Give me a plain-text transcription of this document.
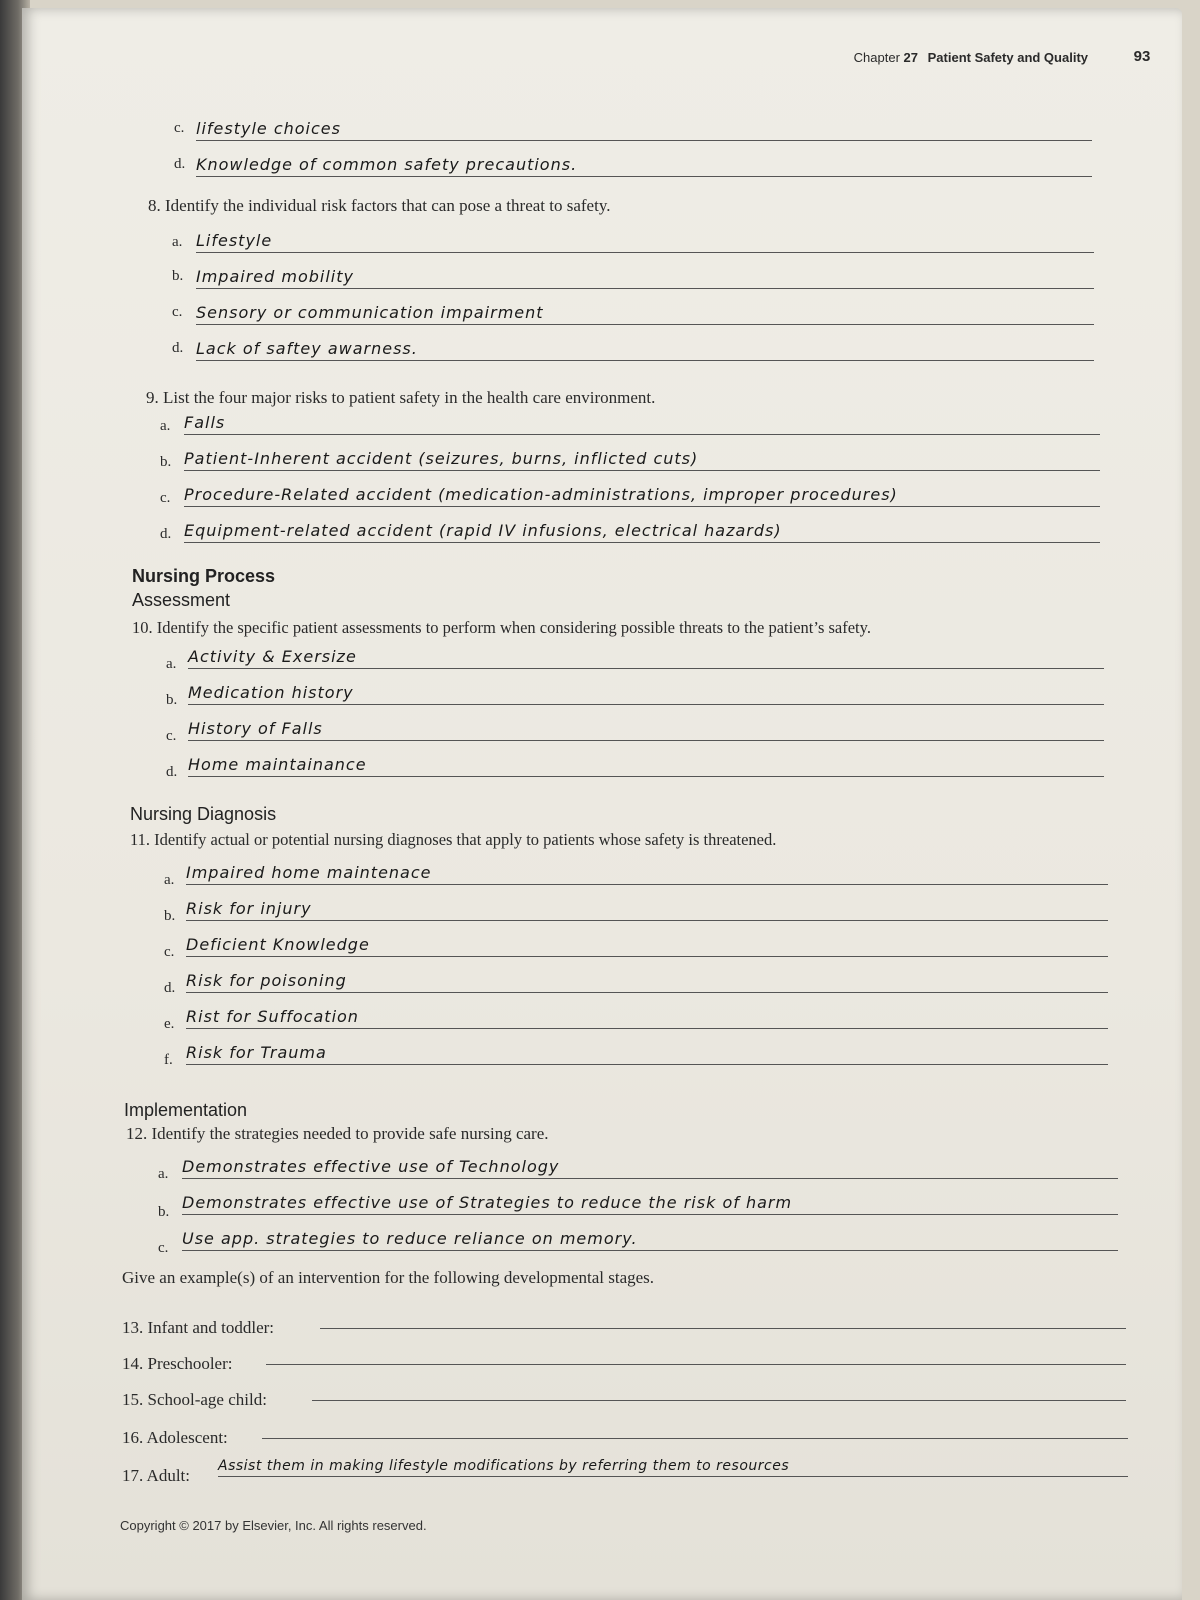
Chapter 27 Patient Safety and Quality	93
c. lifestyle choices
d. Knowledge of common safety precautions.
8. Identify the individual risk factors that can pose a threat to safety.
a. Lifestyle
b. Impaired mobility
c. Sensory or communication impairment
d. Lack of saftey awarness.
9. List the four major risks to patient safety in the health care environment.
a. Falls
b. Patient-Inherent accident (seizures, burns, inflicted cuts)
c. Procedure-Related accident (medication-administrations, improper procedures)
d. Equipment-related accident (rapid IV infusions, electrical hazards)
Nursing Process
Assessment
10. Identify the specific patient assessments to perform when considering possible threats to the patient’s safety.
a. Activity & Exersize
b. Medication history
c. History of Falls
d. Home maintainance
Nursing Diagnosis
11. Identify actual or potential nursing diagnoses that apply to patients whose safety is threatened.
a. Impaired home maintenace
b. Risk for injury
c. Deficient Knowledge
d. Risk for poisoning
e. Rist for Suffocation
f. Risk for Trauma
Implementation
12. Identify the strategies needed to provide safe nursing care.
a. Demonstrates effective use of Technology
b. Demonstrates effective use of Strategies to reduce the risk of harm
c. Use app. strategies to reduce reliance on memory.
Give an example(s) of an intervention for the following developmental stages.
13. Infant and toddler:
14. Preschooler:
15. School-age child:
16. Adolescent:
17. Adult: Assist them in making lifestyle modifications by referring them to resources
Copyright © 2017 by Elsevier, Inc. All rights reserved.
